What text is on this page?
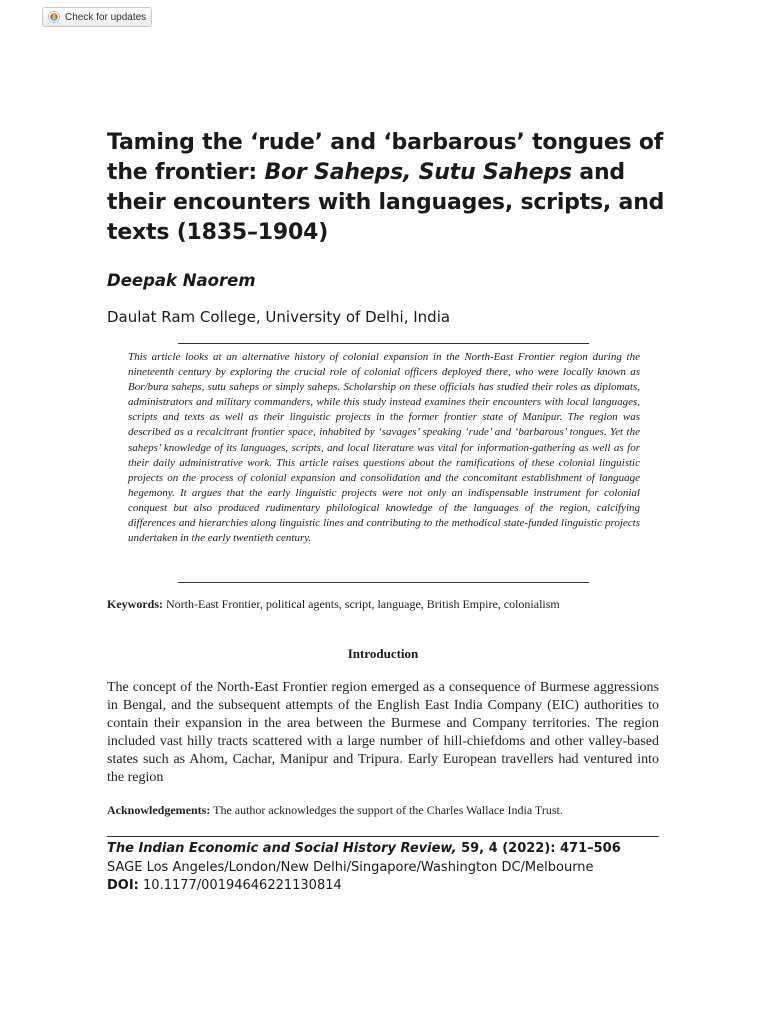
Check for updates
Taming the ‘rude’ and ‘barbarous’ tongues of the frontier: Bor Saheps, Sutu Saheps and their encounters with languages, scripts, and texts (1835–1904)

Deepak Naorem

Daulat Ram College, University of Delhi, India

This article looks at an alternative history of colonial expansion in the North-East Frontier region during the nineteenth century by exploring the crucial role of colonial officers deployed there, who were locally known as Bor/bura saheps, sutu saheps or simply saheps. Scholarship on these officials has studied their roles as diplomats, administrators and military commanders, while this study instead examines their encounters with local languages, scripts and texts as well as their linguistic projects in the former frontier state of Manipur. The region was described as a recalcitrant frontier space, inhabited by ‘savages’ speaking ‘rude’ and ‘barbarous’ tongues. Yet the saheps’ knowledge of its languages, scripts, and local literature was vital for information-gathering as well as for their daily administrative work. This article raises questions about the ramifications of these colonial linguistic projects on the process of colonial expansion and consolidation and the concomitant establishment of language hegemony. It argues that the early linguistic projects were not only an indispensable instrument for colonial conquest but also produced rudimentary philological knowledge of the languages of the region, calcifying differences and hierarchies along linguistic lines and contributing to the methodical state-funded linguistic projects undertaken in the early twentieth century.

Keywords: North-East Frontier, political agents, script, language, British Empire, colonialism

Introduction

The concept of the North-East Frontier region emerged as a consequence of Burmese aggressions in Bengal, and the subsequent attempts of the English East India Company (EIC) authorities to contain their expansion in the area between the Burmese and Company territories. The region included vast hilly tracts scattered with a large number of hill-chiefdoms and other valley-based states such as Ahom, Cachar, Manipur and Tripura. Early European travellers had ventured into the region

Acknowledgements: The author acknowledges the support of the Charles Wallace India Trust.

The Indian Economic and Social History Review, 59, 4 (2022): 471–506
SAGE Los Angeles/London/New Delhi/Singapore/Washington DC/Melbourne
DOI: 10.1177/00194646221130814
